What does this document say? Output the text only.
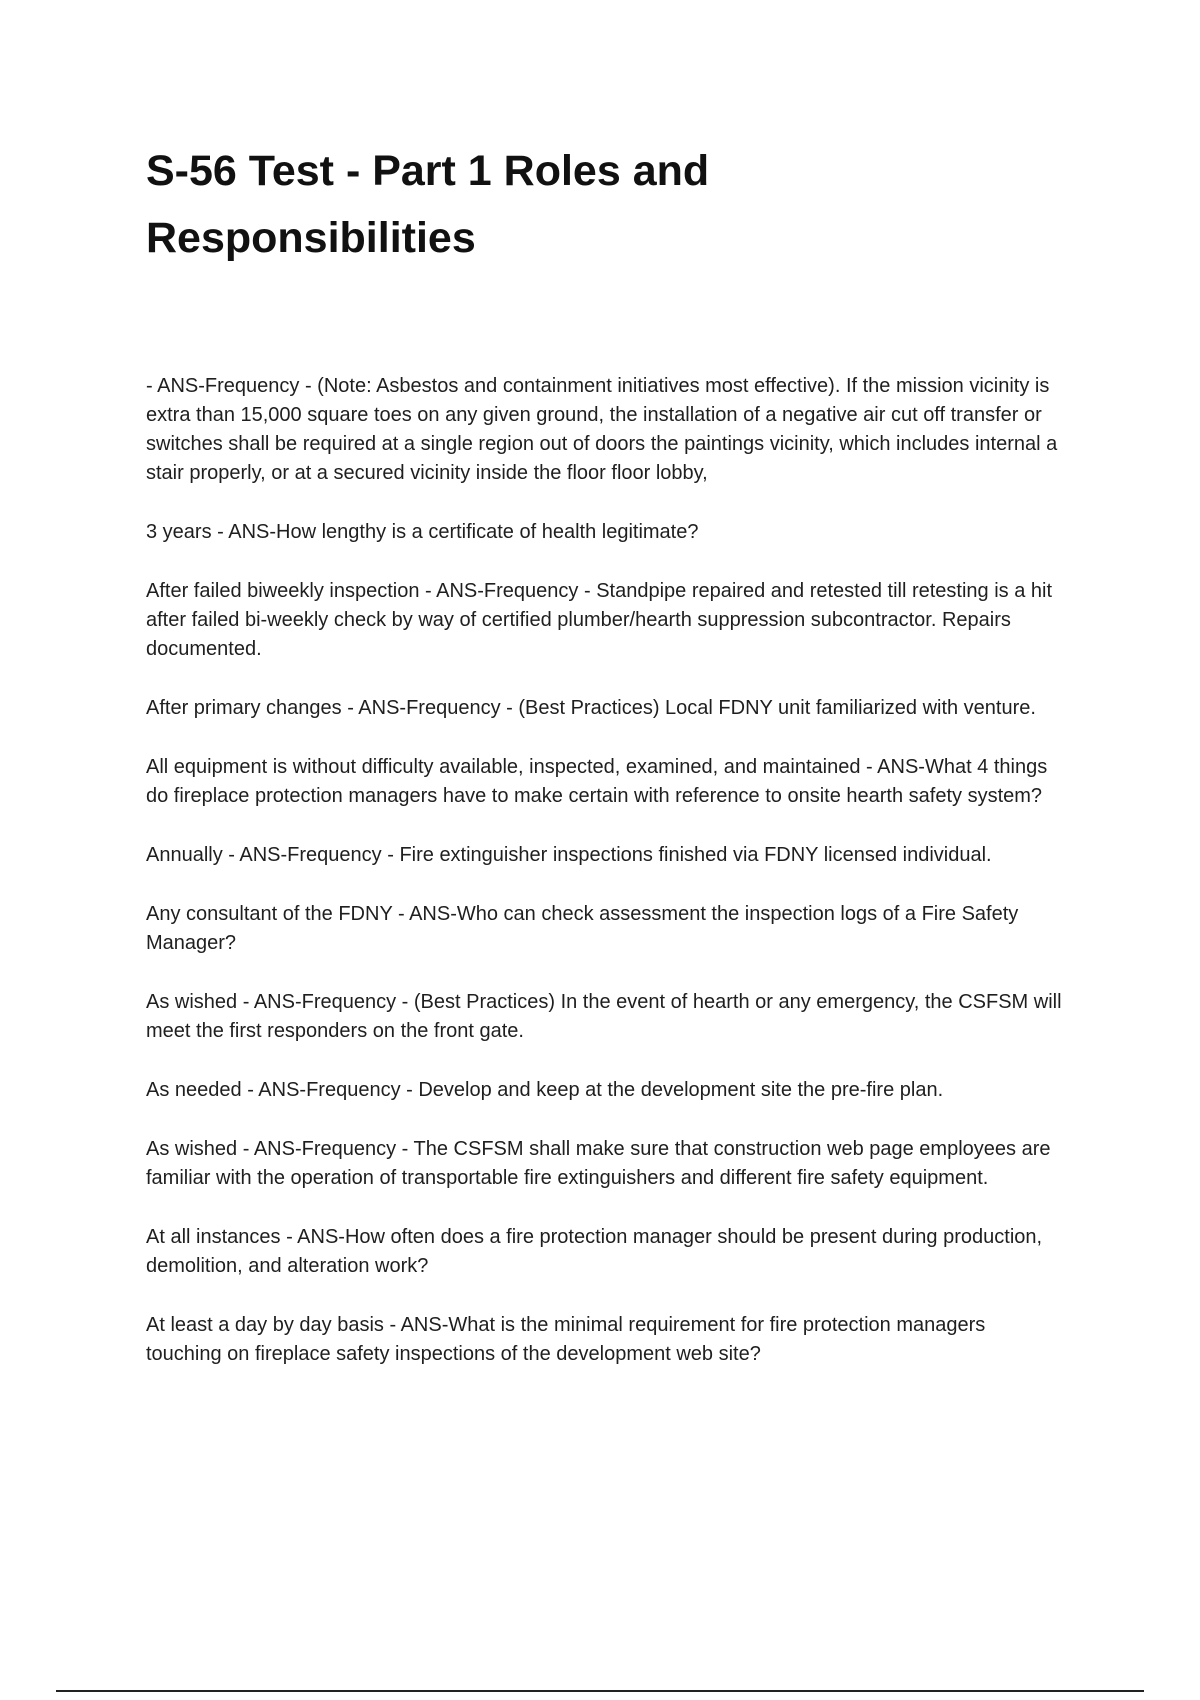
S-56 Test - Part 1 Roles and Responsibilities

- ANS-Frequency - (Note: Asbestos and containment initiatives most effective). If the mission vicinity is extra than 15,000 square toes on any given ground, the installation of a negative air cut off transfer or switches shall be required at a single region out of doors the paintings vicinity, which includes internal a stair properly, or at a secured vicinity inside the floor floor lobby,

3 years - ANS-How lengthy is a certificate of health legitimate?

After failed biweekly inspection - ANS-Frequency - Standpipe repaired and retested till retesting is a hit after failed bi-weekly check by way of certified plumber/hearth suppression subcontractor. Repairs documented.

After primary changes - ANS-Frequency - (Best Practices) Local FDNY unit familiarized with venture.

All equipment is without difficulty available, inspected, examined, and maintained - ANS-What 4 things do fireplace protection managers have to make certain with reference to onsite hearth safety system?

Annually - ANS-Frequency - Fire extinguisher inspections finished via FDNY licensed individual.

Any consultant of the FDNY - ANS-Who can check assessment the inspection logs of a Fire Safety Manager?

As wished - ANS-Frequency - (Best Practices) In the event of hearth or any emergency, the CSFSM will meet the first responders on the front gate.

As needed - ANS-Frequency - Develop and keep at the development site the pre-fire plan.

As wished - ANS-Frequency - The CSFSM shall make sure that construction web page employees are familiar with the operation of transportable fire extinguishers and different fire safety equipment.

At all instances - ANS-How often does a fire protection manager should be present during production, demolition, and alteration work?

At least a day by day basis - ANS-What is the minimal requirement for fire protection managers touching on fireplace safety inspections of the development web site?
